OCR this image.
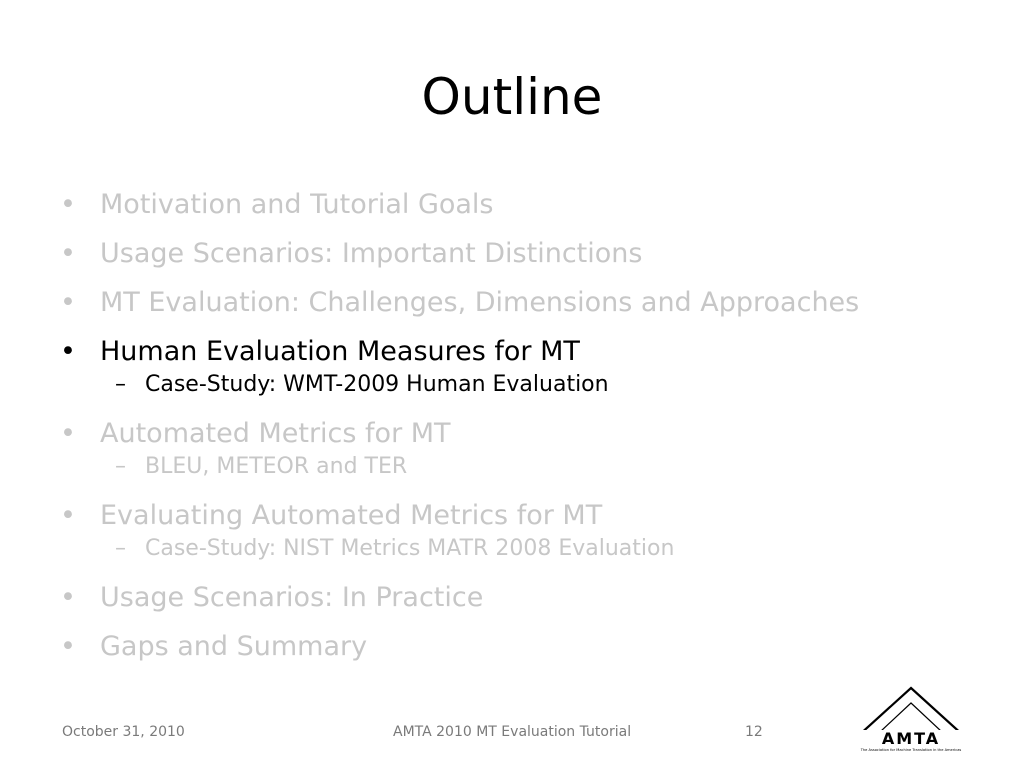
Outline
• Motivation and Tutorial Goals
• Usage Scenarios: Important Distinctions
• MT Evaluation: Challenges, Dimensions and Approaches
• Human Evaluation Measures for MT
– Case-Study: WMT-2009 Human Evaluation
• Automated Metrics for MT
– BLEU, METEOR and TER
• Evaluating Automated Metrics for MT
– Case-Study: NIST Metrics MATR 2008 Evaluation
• Usage Scenarios: In Practice
• Gaps and Summary
October 31, 2010	AMTA 2010 MT Evaluation Tutorial	12	AMTA
The Association for Machine Translation in the Americas
